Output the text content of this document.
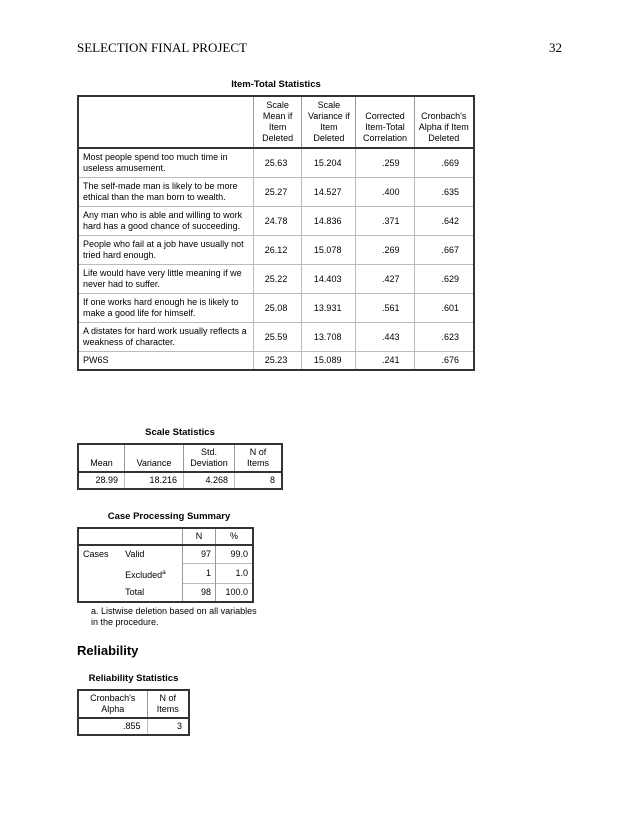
SELECTION FINAL PROJECT	32
Item-Total Statistics
	Scale Mean if Item Deleted	Scale Variance if Item Deleted	Corrected Item-Total Correlation	Cronbach's Alpha if Item Deleted
Most people spend too much time in useless amusement.	25.63	15.204	.259	.669
The self-made man is likely to be more ethical than the man born to wealth.	25.27	14.527	.400	.635
Any man who is able and willing to work hard has a good chance of succeeding.	24.78	14.836	.371	.642
People who fail at a job have usually not tried hard enough.	26.12	15.078	.269	.667
Life would have very little meaning if we never had to suffer.	25.22	14.403	.427	.629
If one works hard enough he is likely to make a good life for himself.	25.08	13.931	.561	.601
A distates for hard work usually reflects a weakness of character.	25.59	13.708	.443	.623
PW6S	25.23	15.089	.241	.676
Scale Statistics
Mean	Variance	Std. Deviation	N of Items
28.99	18.216	4.268	8
Case Processing Summary
		N	%
Cases	Valid	97	99.0
	Excluded$^a$	1	1.0
	Total	98	100.0
a. Listwise deletion based on all variables in the procedure.
Reliability
Reliability Statistics
Cronbach's Alpha	N of Items
.855	3
